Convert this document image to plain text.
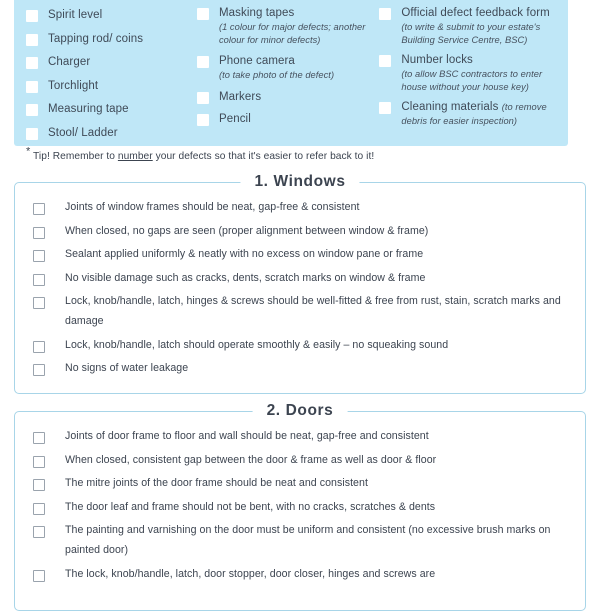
Spirit level
Tapping rod/ coins
Charger
Torchlight
Measuring tape
Stool/ Ladder
Masking tapes
(1 colour for major defects; another colour for minor defects)
Phone camera
(to take photo of the defect)
Markers
Pencil
Official defect feedback form
(to write & submit to your estate's Building Service Centre, BSC)
Number locks
(to allow BSC contractors to enter house without your house key)
Cleaning materials (to remove debris for easier inspection)
* Tip! Remember to number your defects so that it's easier to refer back to it!
1. Windows
Joints of window frames should be neat, gap-free & consistent
When closed, no gaps are seen (proper alignment between window & frame)
Sealant applied uniformly & neatly with no excess on window pane or frame
No visible damage such as cracks, dents, scratch marks on window & frame
Lock, knob/handle, latch, hinges & screws should be well-fitted & free from rust, stain, scratch marks and damage
Lock, knob/handle, latch should operate smoothly & easily – no squeaking sound
No signs of water leakage
2. Doors
Joints of door frame to floor and wall should be neat, gap-free and consistent
When closed, consistent gap between the door & frame as well as door & floor
The mitre joints of the door frame should be neat and consistent
The door leaf and frame should not be bent, with no cracks, scratches & dents
The painting and varnishing on the door must be uniform and consistent (no excessive brush marks on painted door)
The lock, knob/handle, latch, door stopper, door closer, hinges and screws are
